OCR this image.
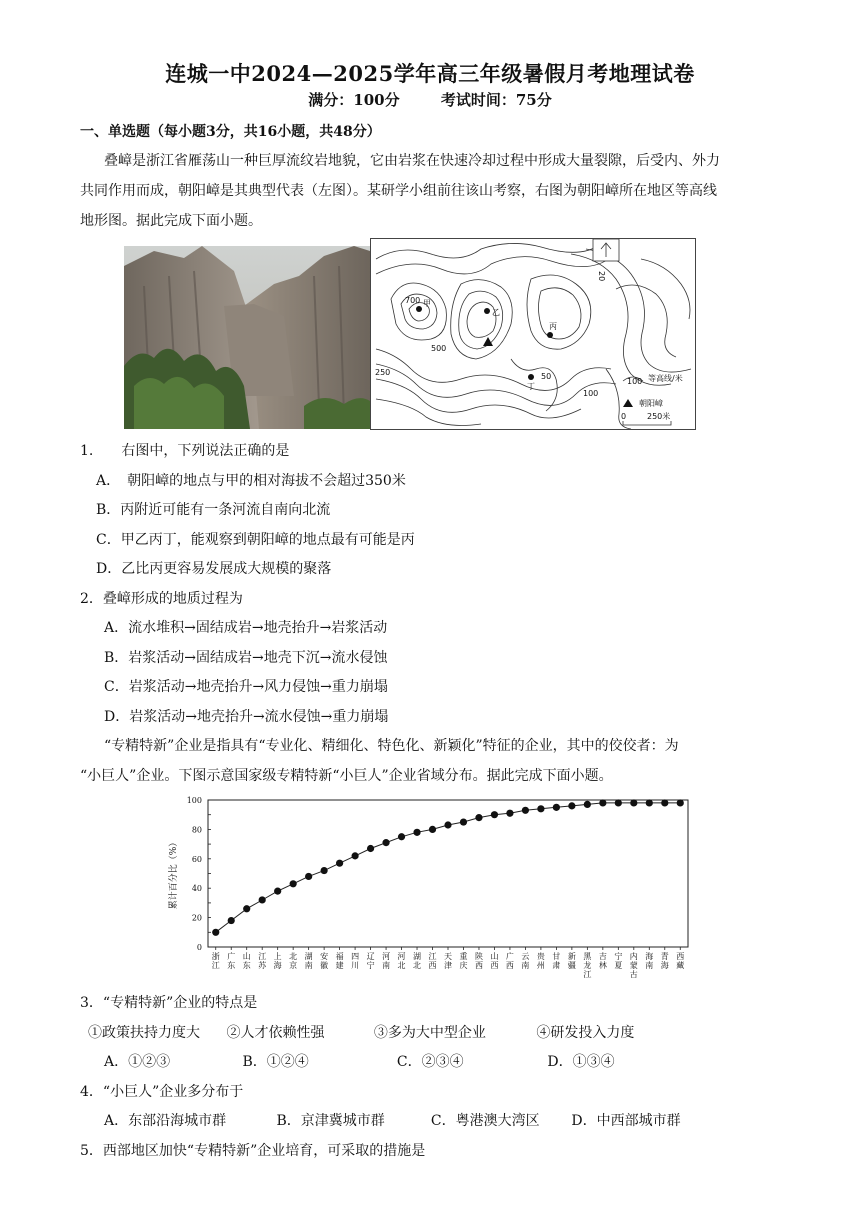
连城一中2024—2025学年高三年级暑假月考地理试卷
满分：100分	考试时间：75分
一、单选题（每小题3分，共16小题，共48分）
叠嶂是浙江省雁荡山一种巨厚流纹岩地貌，它由岩浆在快速冷却过程中形成大量裂隙，后受内、外力
共同作用而成，朝阳嶂是其典型代表（左图）。某研学小组前往该山考察，右图为朝阳嶂所在地区等高线
地形图。据此完成下面小题。
700 甲
乙
丙
500
250
丁
50
100
20
100 等高线/米
朝阳嶂
0	250米
1.　　右图中，下列说法正确的是
A．　朝阳嶂的地点与甲的相对海拔不会超过350米
B．丙附近可能有一条河流自南向北流
C．甲乙丙丁，能观察到朝阳嶂的地点最有可能是丙
D．乙比丙更容易发展成大规模的聚落
2．叠嶂形成的地质过程为
A．流水堆积→固结成岩→地壳抬升→岩浆活动
B．岩浆活动→固结成岩→地壳下沉→流水侵蚀
C．岩浆活动→地壳抬升→风力侵蚀→重力崩塌
D．岩浆活动→地壳抬升→流水侵蚀→重力崩塌
“专精特新”企业是指具有“专业化、精细化、特色化、新颖化”特征的企业，其中的佼佼者：为
“小巨人”企业。下图示意国家级专精特新“小巨人”企业省域分布。据此完成下面小题。
0
20
40
60
80
100
累计百分比（%）
浙江
广东
山东
江苏
上海
北京
湖南
安徽
福建
四川
辽宁
河南
河北
湖北
江西
天津
重庆
陕西
山西
广西
云南
贵州
甘肃
新疆
黑龙江
吉林
宁夏
内蒙古
海南
青海
西藏
3．“专精特新”企业的特点是
①政策扶持力度大 ②人才依赖性强	③多为大中型企业	④研发投入力度
A．①②③	B．①②④	C．②③④	D．①③④
4．“小巨人”企业多分布于
A．东部沿海城市群	B．京津冀城市群	C．粤港澳大湾区 D．中西部城市群
5．西部地区加快“专精特新”企业培育，可采取的措施是
